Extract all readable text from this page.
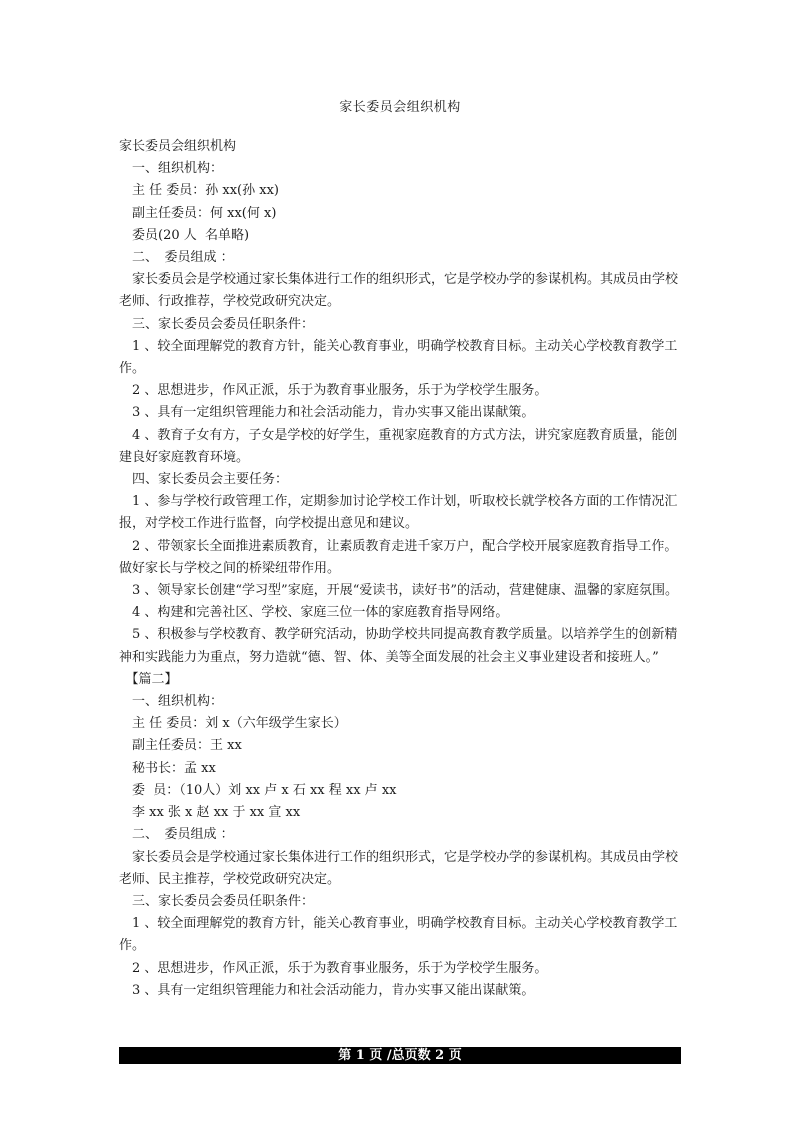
家长委员会组织机构
家长委员会组织机构
　一、组织机构：
　主 任 委员：孙 xx(孙 xx)
　副主任委员：何 xx(何 x)
　委员(20 人  名单略)
　二、　委员组成 ：
　家长委员会是学校通过家长集体进行工作的组织形式，它是学校办学的参谋机构。其成员由学校老师、行政推荐，学校党政研究决定。
　三、家长委员会委员任职条件：
　1 、较全面理解党的教育方针，能关心教育事业，明确学校教育目标。主动关心学校教育教学工作。
　2 、思想进步，作风正派，乐于为教育事业服务，乐于为学校学生服务。
　3 、具有一定组织管理能力和社会活动能力，肯办实事又能出谋献策。
　4 、教育子女有方，子女是学校的好学生，重视家庭教育的方式方法，讲究家庭教育质量，能创建良好家庭教育环境。
　四、家长委员会主要任务：
　1 、参与学校行政管理工作，定期参加讨论学校工作计划，听取校长就学校各方面的工作情况汇报，对学校工作进行监督，向学校提出意见和建议。
　2 、带领家长全面推进素质教育，让素质教育走进千家万户，配合学校开展家庭教育指导工作。做好家长与学校之间的桥梁纽带作用。
　3 、领导家长创建“学习型”家庭，开展“爱读书，读好书”的活动，营建健康、温馨的家庭氛围。
　4 、构建和完善社区、学校、家庭三位一体的家庭教育指导网络。
　5 、积极参与学校教育、教学研究活动，协助学校共同提高教育教学质量。以培养学生的创新精神和实践能力为重点，努力造就“德、智、体、美等全面发展的社会主义事业建设者和接班人。”
　【篇二】
　一、组织机构：
　主 任 委员：刘 x（六年级学生家长）
　副主任委员：王 xx
　秘书长：孟 xx
　委  员：（10人）刘 xx 卢 x 石 xx 程 xx 卢 xx
　李 xx 张 x 赵 xx 于 xx 宣 xx
　二、　委员组成 ：
　家长委员会是学校通过家长集体进行工作的组织形式，它是学校办学的参谋机构。其成员由学校老师、民主推荐，学校党政研究决定。
　三、家长委员会委员任职条件：
　1 、较全面理解党的教育方针，能关心教育事业，明确学校教育目标。主动关心学校教育教学工作。
　2 、思想进步，作风正派，乐于为教育事业服务，乐于为学校学生服务。
　3 、具有一定组织管理能力和社会活动能力，肯办实事又能出谋献策。
第 1 页 /总页数 2 页
